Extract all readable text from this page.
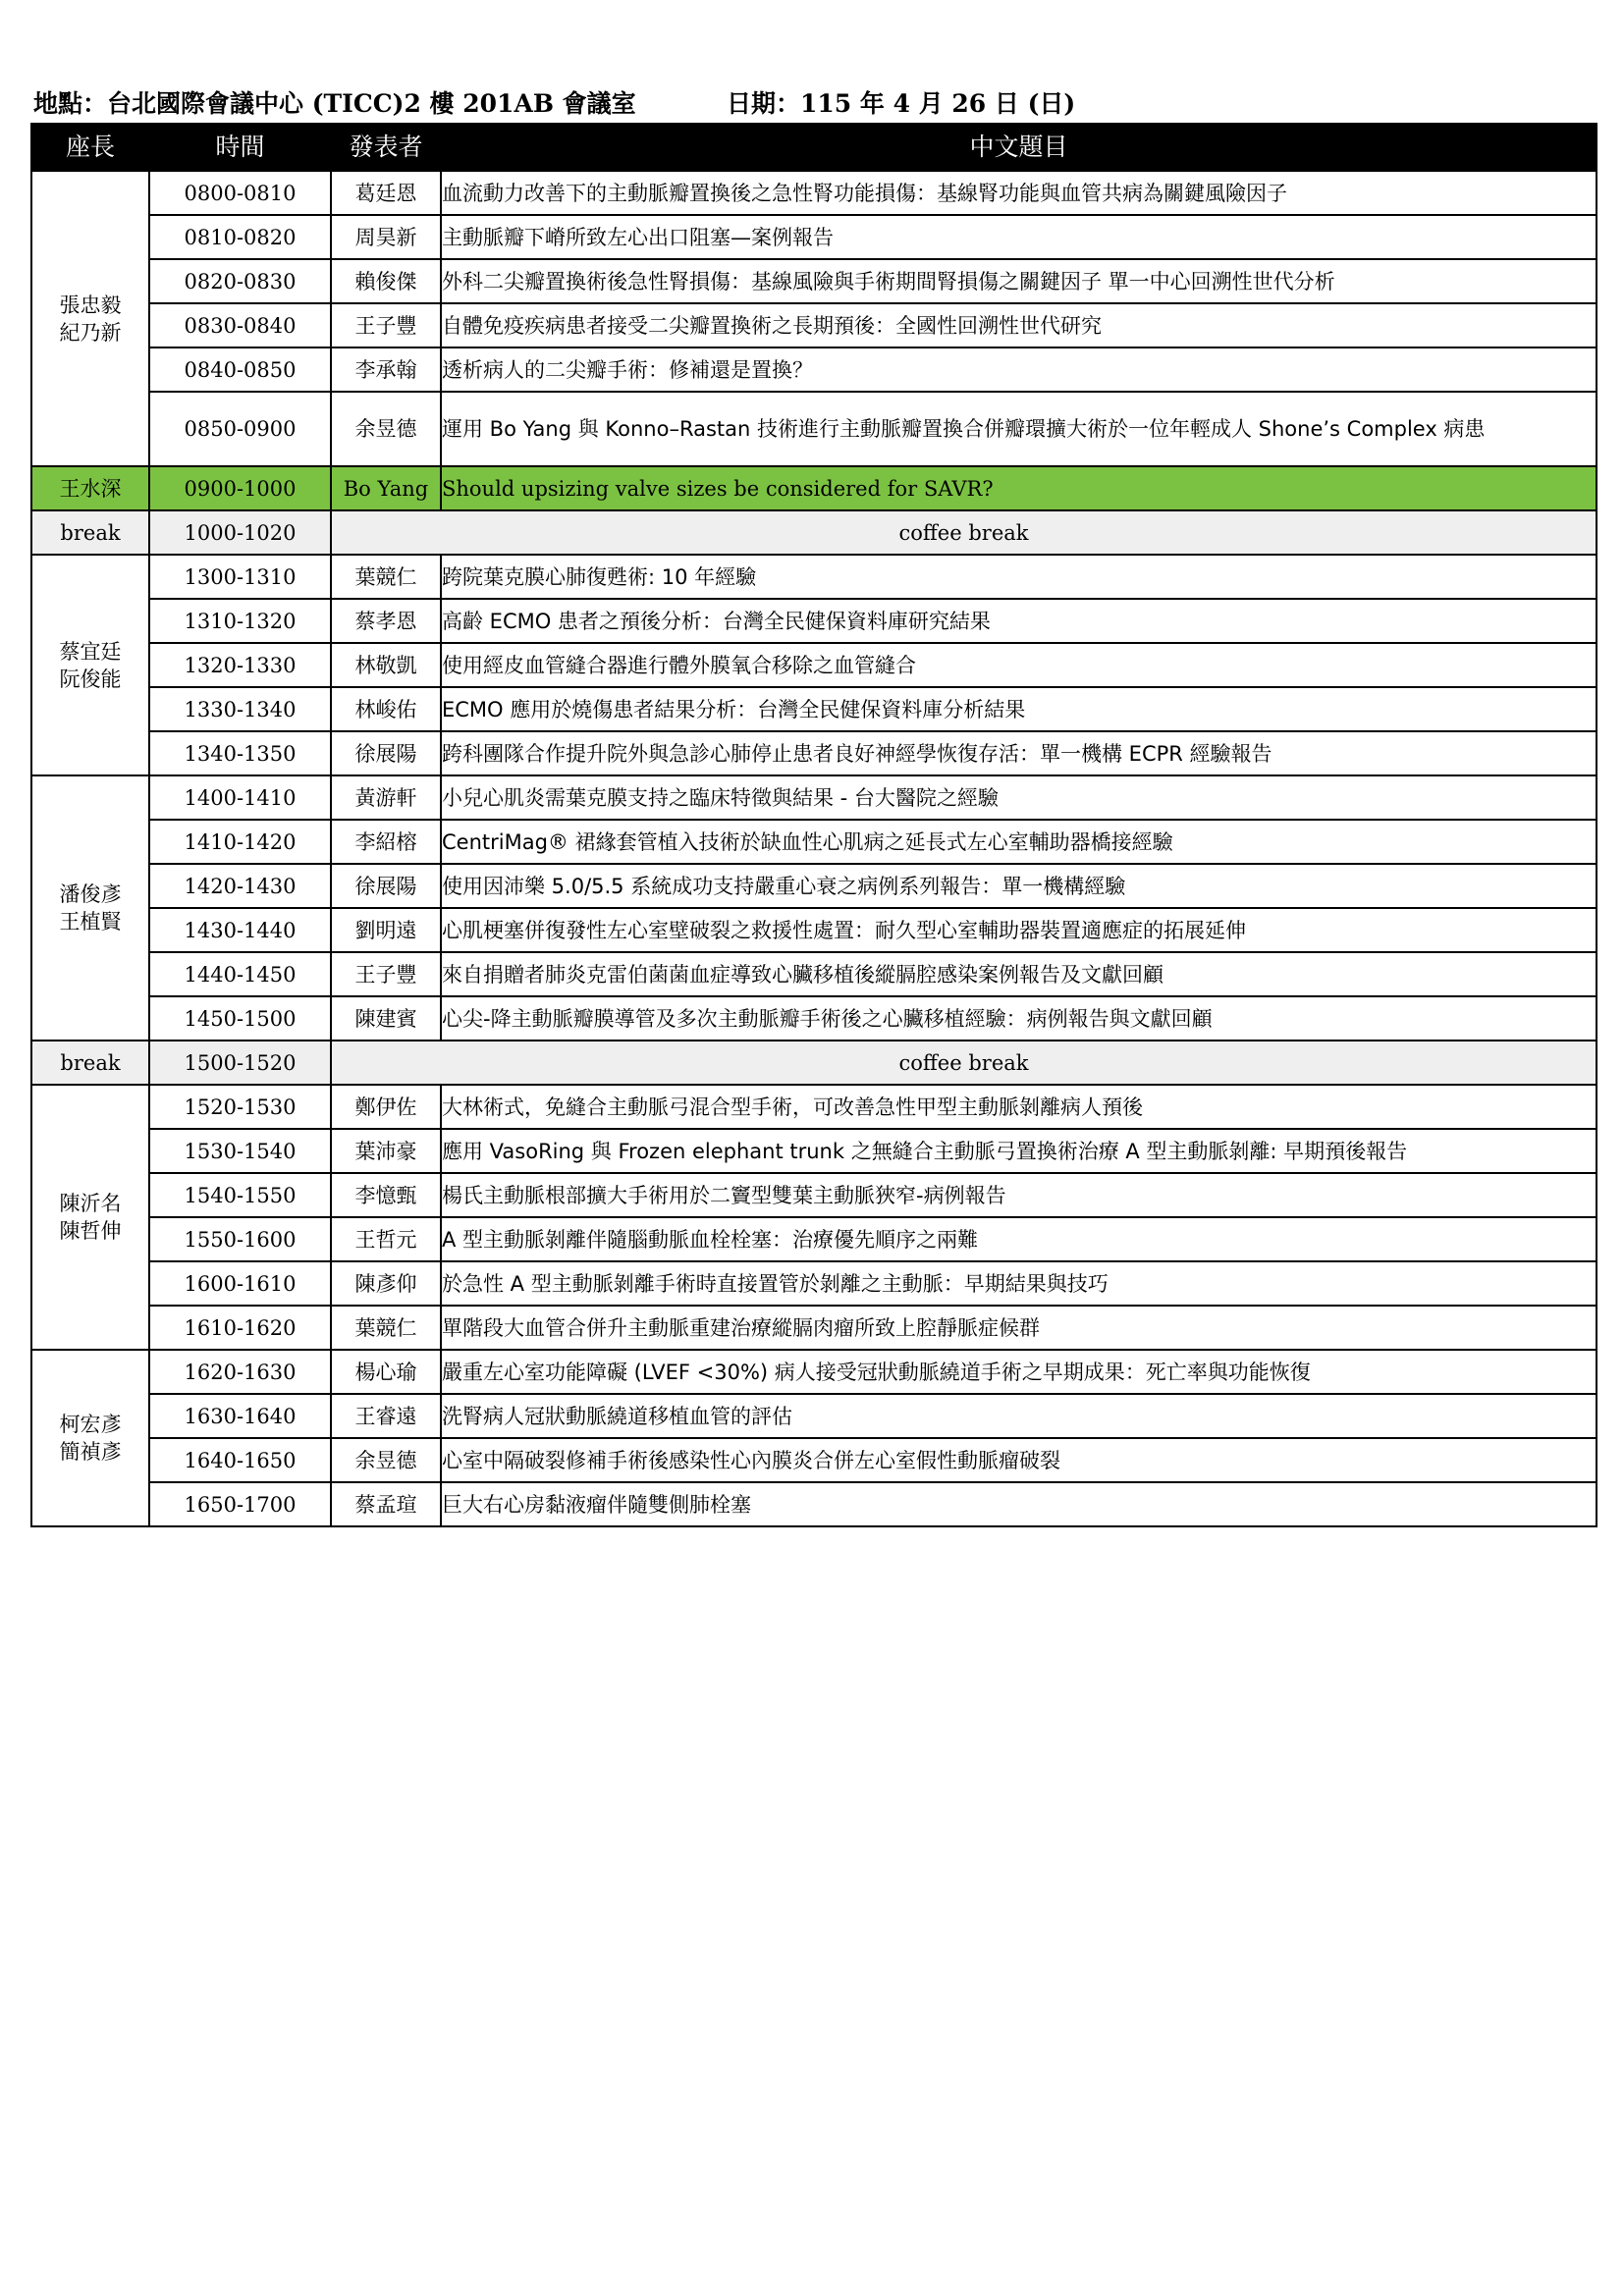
地點：台北國際會議中心 (TICC)2 樓 201AB 會議室	日期：115 年 4 月 26 日 (日)
座長	時間	發表者	中文題目

張忠毅
紀乃新	0800-0810	葛廷恩	血流動力改善下的主動脈瓣置換後之急性腎功能損傷：基線腎功能與血管共病為關鍵風險因子
	0810-0820	周昊新	主動脈瓣下嵴所致左心出口阻塞—案例報告
	0820-0830	賴俊傑	外科二尖瓣置換術後急性腎損傷：基線風險與手術期間腎損傷之關鍵因子 單一中心回溯性世代分析
	0830-0840	王子豐	自體免疫疾病患者接受二尖瓣置換術之長期預後：全國性回溯性世代研究
	0840-0850	李承翰	透析病人的二尖瓣手術：修補還是置換？
	0850-0900	余昱德	運用 Bo Yang 與 Konno–Rastan 技術進行主動脈瓣置換合併瓣環擴大術於一位年輕成人 Shone’s Complex 病患
王水深	0900-1000	Bo Yang	Should upsizing valve sizes be considered for SAVR?
break	1000-1020	coffee break	

蔡宜廷
阮俊能	1300-1310	葉競仁	跨院葉克膜心肺復甦術: 10 年經驗
	1310-1320	蔡孝恩	高齡 ECMO 患者之預後分析：台灣全民健保資料庫研究結果
	1320-1330	林敬凱	使用經皮血管縫合器進行體外膜氧合移除之血管縫合
	1330-1340	林峻佑	ECMO 應用於燒傷患者結果分析：台灣全民健保資料庫分析結果
	1340-1350	徐展陽	跨科團隊合作提升院外與急診心肺停止患者良好神經學恢復存活：單一機構 ECPR 經驗報告

潘俊彥
王植賢	1400-1410	黃游軒	小兒心肌炎需葉克膜支持之臨床特徵與結果 - 台大醫院之經驗
	1410-1420	李紹榕	CentriMag® 裙緣套管植入技術於缺血性心肌病之延長式左心室輔助器橋接經驗
	1420-1430	徐展陽	使用因沛樂 5.0/5.5 系統成功支持嚴重心衰之病例系列報告：單一機構經驗
	1430-1440	劉明遠	心肌梗塞併復發性左心室壁破裂之救援性處置：耐久型心室輔助器裝置適應症的拓展延伸
	1440-1450	王子豐	來自捐贈者肺炎克雷伯菌菌血症導致心臟移植後縱膈腔感染案例報告及文獻回顧
	1450-1500	陳建賓	心尖-降主動脈瓣膜導管及多次主動脈瓣手術後之心臟移植經驗：病例報告與文獻回顧
break	1500-1520	coffee break	

陳沂名
陳哲伸	1520-1530	鄭伊佐	大林術式，免縫合主動脈弓混合型手術，可改善急性甲型主動脈剝離病人預後
	1530-1540	葉沛豪	應用 VasoRing 與 Frozen elephant trunk 之無縫合主動脈弓置換術治療 A 型主動脈剝離: 早期預後報告
	1540-1550	李憶甄	楊氏主動脈根部擴大手術用於二竇型雙葉主動脈狹窄-病例報告
	1550-1600	王哲元	A 型主動脈剝離伴隨腦動脈血栓栓塞：治療優先順序之兩難
	1600-1610	陳彥仰	於急性 A 型主動脈剝離手術時直接置管於剝離之主動脈：早期結果與技巧
	1610-1620	葉競仁	單階段大血管合併升主動脈重建治療縱膈肉瘤所致上腔靜脈症候群

柯宏彥
簡禎彥	1620-1630	楊心瑜	嚴重左心室功能障礙 (LVEF <30%) 病人接受冠狀動脈繞道手術之早期成果：死亡率與功能恢復
	1630-1640	王睿遠	洗腎病人冠狀動脈繞道移植血管的評估
	1640-1650	余昱德	心室中隔破裂修補手術後感染性心內膜炎合併左心室假性動脈瘤破裂
	1650-1700	蔡孟瑄	巨大右心房黏液瘤伴隨雙側肺栓塞
